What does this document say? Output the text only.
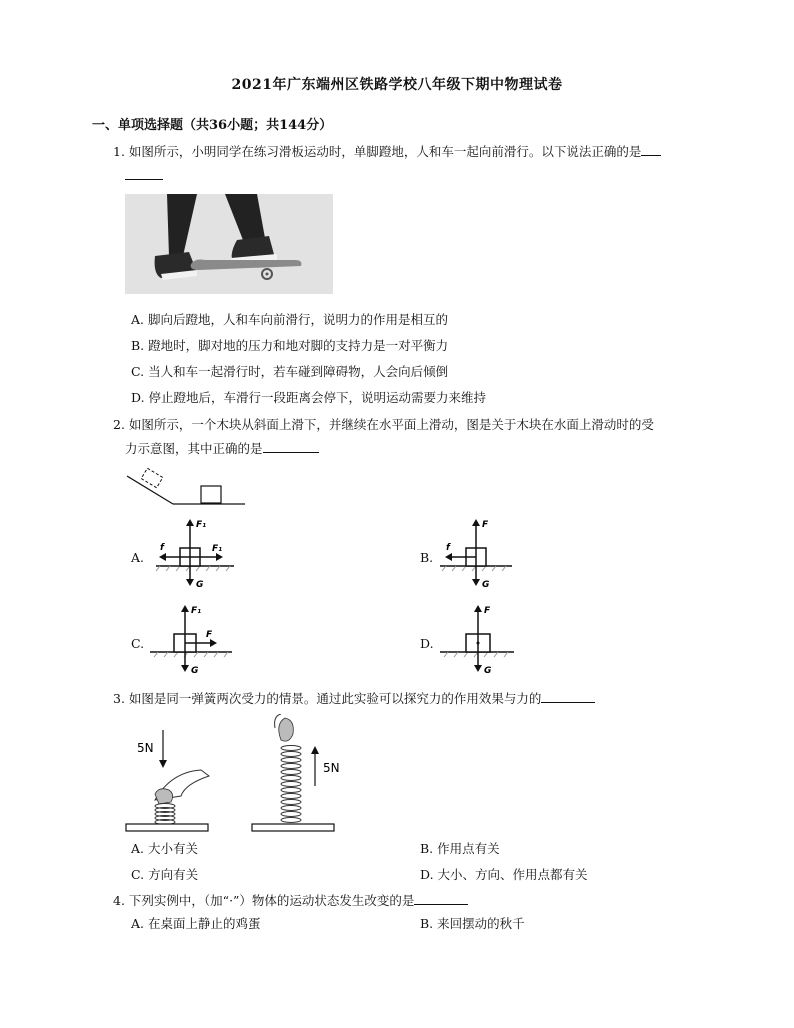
2021年广东端州区铁路学校八年级下期中物理试卷
一、单项选择题（共36小题；共144分）
1. 如图所示，小明同学在练习滑板运动时，单脚蹬地，人和车一起向前滑行。以下说法正确的是

A. 脚向后蹬地，人和车向前滑行，说明力的作用是相互的
B. 蹬地时，脚对地的压力和地对脚的支持力是一对平衡力
C. 当人和车一起滑行时，若车碰到障碍物，人会向后倾倒
D. 停止蹬地后，车滑行一段距离会停下，说明运动需要力来维持
2. 如图所示，一个木块从斜面上滑下，并继续在水平面上滑动，图是关于木块在水面上滑动时的受
力示意图，其中正确的是
A.
F₁
f	F₁
G
B.
F
f
G
C.
F₁
F
G
D.
F
G
3. 如图是同一弹簧两次受力的情景。通过此实验可以探究力的作用效果与力的
5N
5N
A. 大小有关	B. 作用点有关
C. 方向有关	D. 大小、方向、作用点都有关
4. 下列实例中，（加“·”）物体的运动状态发生改变的是
A. 在桌面上静止的鸡蛋	B. 来回摆动的秋千
